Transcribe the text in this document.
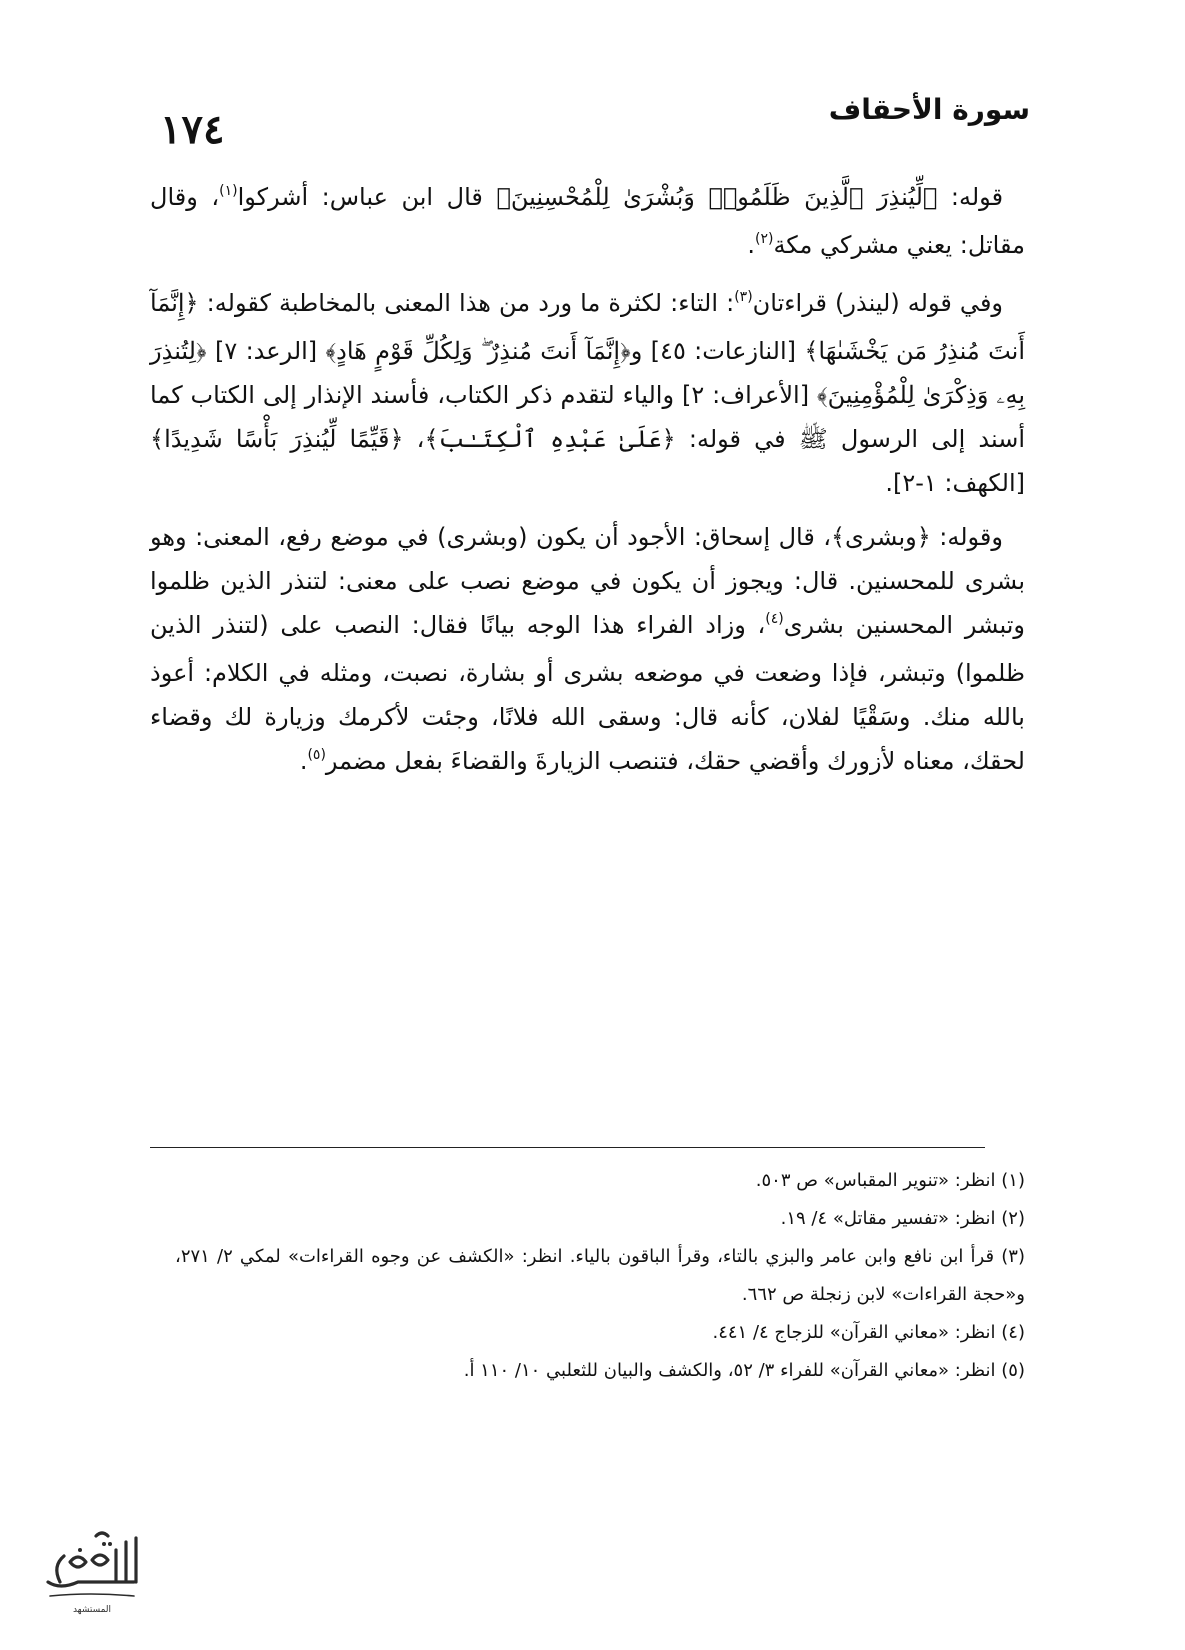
١٧٤	سورة الأحقاف

قوله: ﴿لِّيُنذِرَ ٱلَّذِينَ ظَلَمُوا۟ وَبُشْرَىٰ لِلْمُحْسِنِينَ﴾ قال ابن عباس: أشركوا$^{(١)}$، وقال مقاتل: يعني مشركي مكة$^{(٢)}$.

وفي قوله (لينذر) قراءتان$^{(٣)}$: التاء: لكثرة ما ورد من هذا المعنى بالمخاطبة كقوله: ﴿إِنَّمَآ أَنتَ مُنذِرُ مَن يَخْشَىٰهَا﴾ [النازعات: ٤٥] و﴿إِنَّمَآ أَنتَ مُنذِرٌ ۖ وَلِكُلِّ قَوْمٍ هَادٍ﴾ [الرعد: ٧] ﴿لِتُنذِرَ بِهِۦ وَذِكْرَىٰ لِلْمُؤْمِنِينَ﴾ [الأعراف: ٢] والياء لتقدم ذكر الكتاب، فأسند الإنذار إلى الكتاب كما أسند إلى الرسول ﷺ في قوله: ﴿عَلَىٰ عَبْدِهِ ٱلْكِتَـٰبَ﴾، ﴿قَيِّمًا لِّيُنذِرَ بَأْسًا شَدِيدًا﴾ [الكهف: ١-٢].

وقوله: ﴿وبشرى﴾، قال إسحاق: الأجود أن يكون (وبشرى) في موضع رفع، المعنى: وهو بشرى للمحسنين. قال: ويجوز أن يكون في موضع نصب على معنى: لتنذر الذين ظلموا وتبشر المحسنين بشرى$^{(٤)}$، وزاد الفراء هذا الوجه بيانًا فقال: النصب على (لتنذر الذين ظلموا) وتبشر، فإذا وضعت في موضعه بشرى أو بشارة، نصبت، ومثله في الكلام: أعوذ بالله منك. وسَقْيًا لفلان، كأنه قال: وسقى الله فلانًا، وجئت لأكرمك وزيارة لك وقضاء لحقك، معناه لأزورك وأقضي حقك، فتنصب الزيارةَ والقضاءَ بفعل مضمر$^{(٥)}$.

(١) انظر: «تنوير المقباس» ص ٥٠٣.

(٢) انظر: «تفسير مقاتل» ٤/ ١٩.

(٣) قرأ ابن نافع وابن عامر والبزي بالتاء، وقرأ الباقون بالياء. انظر: «الكشف عن وجوه القراءات» لمكي ٢/ ٢٧١، و«حجة القراءات» لابن زنجلة ص ٦٦٢.

(٤) انظر: «معاني القرآن» للزجاج ٤/ ٤٤١.

(٥) انظر: «معاني القرآن» للفراء ٣/ ٥٢، والكشف والبيان للثعلبي ١٠/ ١١٠ أ.

المستشهد
